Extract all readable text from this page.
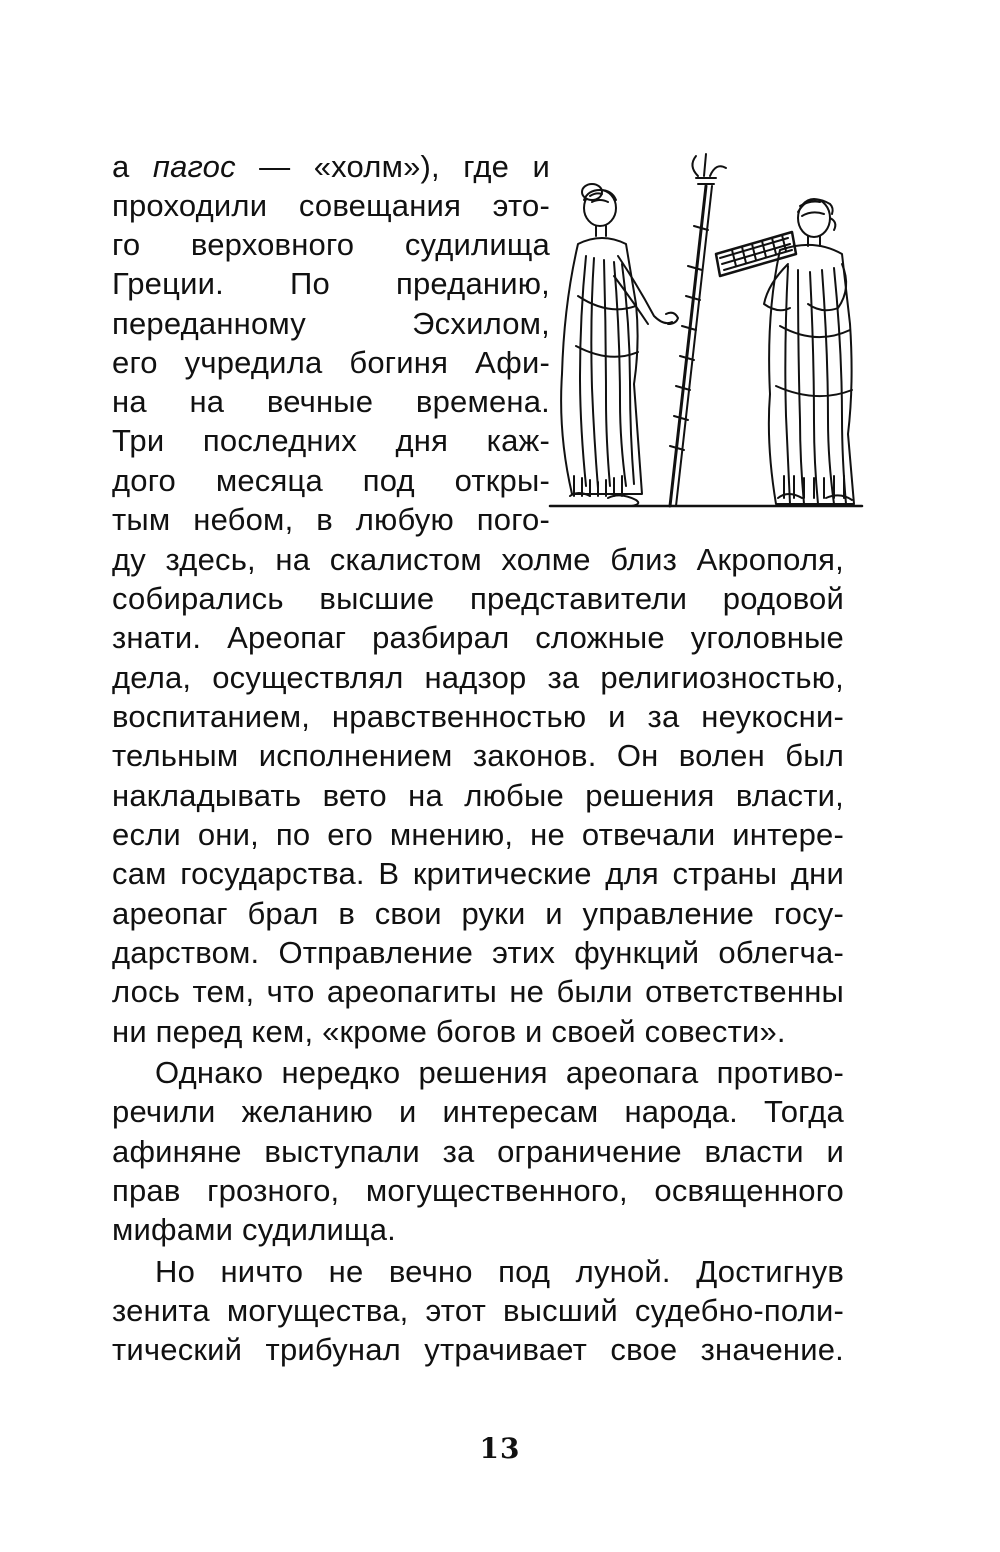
а пагос — «холм»), где и
проходили совещания это-
го верховного судилища
Греции. По преданию,
переданному Эсхилом,
его учредила богиня Афи-
на на вечные времена.
Три последних дня каж-
дого месяца под откры-
тым небом, в любую пого-
ду здесь, на скалистом холме близ Акрополя,
собирались высшие представители родовой
знати. Ареопаг разбирал сложные уголовные
дела, осуществлял надзор за религиозностью,
воспитанием, нравственностью и за неукосни-
тельным исполнением законов. Он волен был
накладывать вето на любые решения власти,
если они, по его мнению, не отвечали интере-
сам государства. В критические для страны дни
ареопаг брал в свои руки и управление госу-
дарством. Отправление этих функций облегча-
лось тем, что ареопагиты не были ответственны
ни перед кем, «кроме богов и своей совести».
Однако нередко решения ареопага противо-
речили желанию и интересам народа. Тогда
афиняне выступали за ограничение власти и
прав грозного, могущественного, освященного
мифами судилища.
Но ничто не вечно под луной. Достигнув
зенита могущества, этот высший судебно-поли-
тический трибунал утрачивает свое значение.
13
